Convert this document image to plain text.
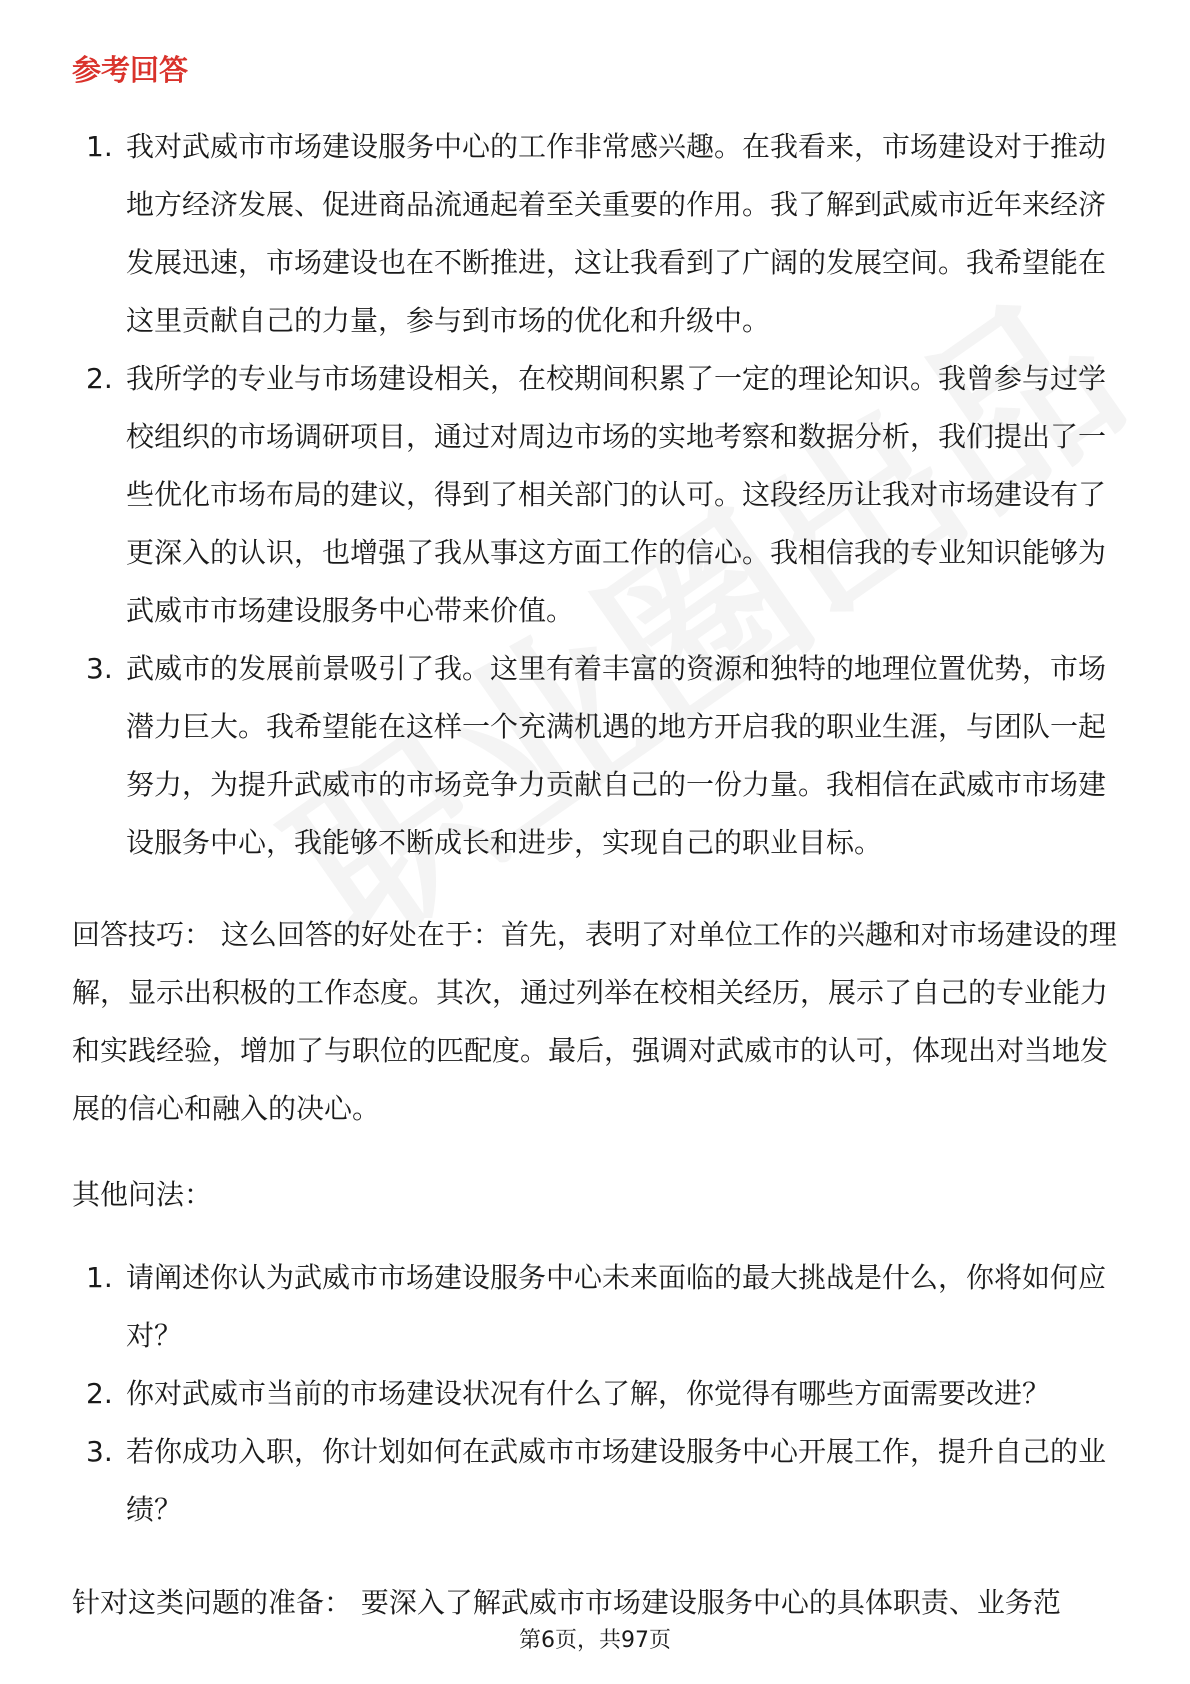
参考回答
1. 我对武威市市场建设服务中心的工作非常感兴趣。在我看来，市场建设对于推动地方经济发展、促进商品流通起着至关重要的作用。我了解到武威市近年来经济发展迅速，市场建设也在不断推进，这让我看到了广阔的发展空间。我希望能在这里贡献自己的力量，参与到市场的优化和升级中。
2. 我所学的专业与市场建设相关，在校期间积累了一定的理论知识。我曾参与过学校组织的市场调研项目，通过对周边市场的实地考察和数据分析，我们提出了一些优化市场布局的建议，得到了相关部门的认可。这段经历让我对市场建设有了更深入的认识，也增强了我从事这方面工作的信心。我相信我的专业知识能够为武威市市场建设服务中心带来价值。
3. 武威市的发展前景吸引了我。这里有着丰富的资源和独特的地理位置优势，市场潜力巨大。我希望能在这样一个充满机遇的地方开启我的职业生涯，与团队一起努力，为提升武威市的市场竞争力贡献自己的一份力量。我相信在武威市市场建设服务中心，我能够不断成长和进步，实现自己的职业目标。

回答技巧： 这么回答的好处在于：首先，表明了对单位工作的兴趣和对市场建设的理解，显示出积极的工作态度。其次，通过列举在校相关经历，展示了自己的专业能力和实践经验，增加了与职位的匹配度。最后，强调对武威市的认可，体现出对当地发展的信心和融入的决心。

其他问法：

1. 请阐述你认为武威市市场建设服务中心未来面临的最大挑战是什么，你将如何应对？
2. 你对武威市当前的市场建设状况有什么了解，你觉得有哪些方面需要改进？
3. 若你成功入职，你计划如何在武威市市场建设服务中心开展工作，提升自己的业绩？

针对这类问题的准备： 要深入了解武威市市场建设服务中心的具体职责、业务范

第6页，共97页
